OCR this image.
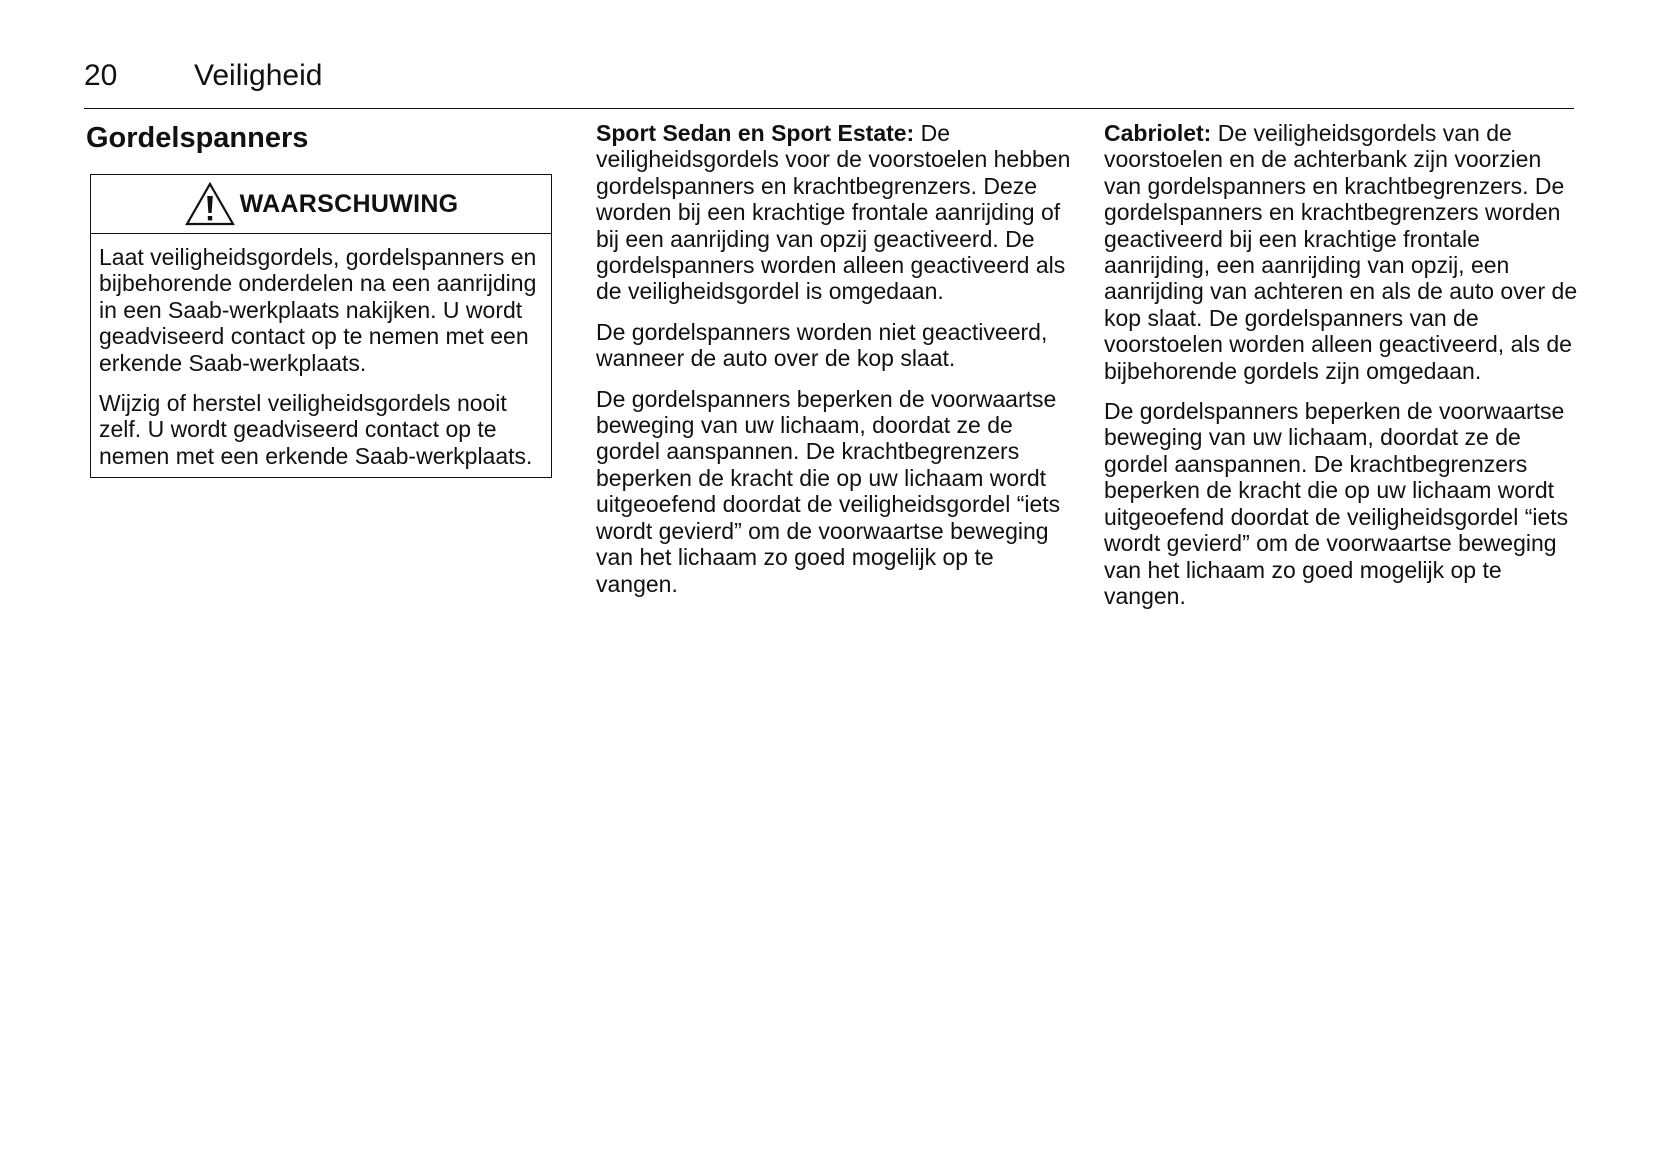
20	Veiligheid
Gordelspanners
WAARSCHUWING

Laat veiligheidsgordels, gordelspanners en bijbehorende onderdelen na een aanrijding in een Saab-werkplaats nakijken. U wordt geadviseerd contact op te nemen met een erkende Saab-werkplaats.

Wijzig of herstel veiligheidsgordels nooit zelf. U wordt geadviseerd contact op te nemen met een erkende Saab-werkplaats.

Sport Sedan en Sport Estate: De veiligheidsgordels voor de voorstoelen hebben gordelspanners en krachtbegrenzers. Deze worden bij een krachtige frontale aanrijding of bij een aanrijding van opzij geactiveerd. De gordelspanners worden alleen geactiveerd als de veiligheidsgordel is omgedaan.

De gordelspanners worden niet geactiveerd, wanneer de auto over de kop slaat.

De gordelspanners beperken de voorwaartse beweging van uw lichaam, doordat ze de gordel aanspannen. De krachtbegrenzers beperken de kracht die op uw lichaam wordt uitgeoefend doordat de veiligheidsgordel “iets wordt gevierd” om de voorwaartse beweging van het lichaam zo goed mogelijk op te vangen.

Cabriolet: De veiligheidsgordels van de voorstoelen en de achterbank zijn voorzien van gordelspanners en krachtbegrenzers. De gordelspanners en krachtbegrenzers worden geactiveerd bij een krachtige frontale aanrijding, een aanrijding van opzij, een aanrijding van achteren en als de auto over de kop slaat. De gordelspanners van de voorstoelen worden alleen geactiveerd, als de bijbehorende gordels zijn omgedaan.

De gordelspanners beperken de voorwaartse beweging van uw lichaam, doordat ze de gordel aanspannen. De krachtbegrenzers beperken de kracht die op uw lichaam wordt uitgeoefend doordat de veiligheidsgordel “iets wordt gevierd” om de voorwaartse beweging van het lichaam zo goed mogelijk op te vangen.
